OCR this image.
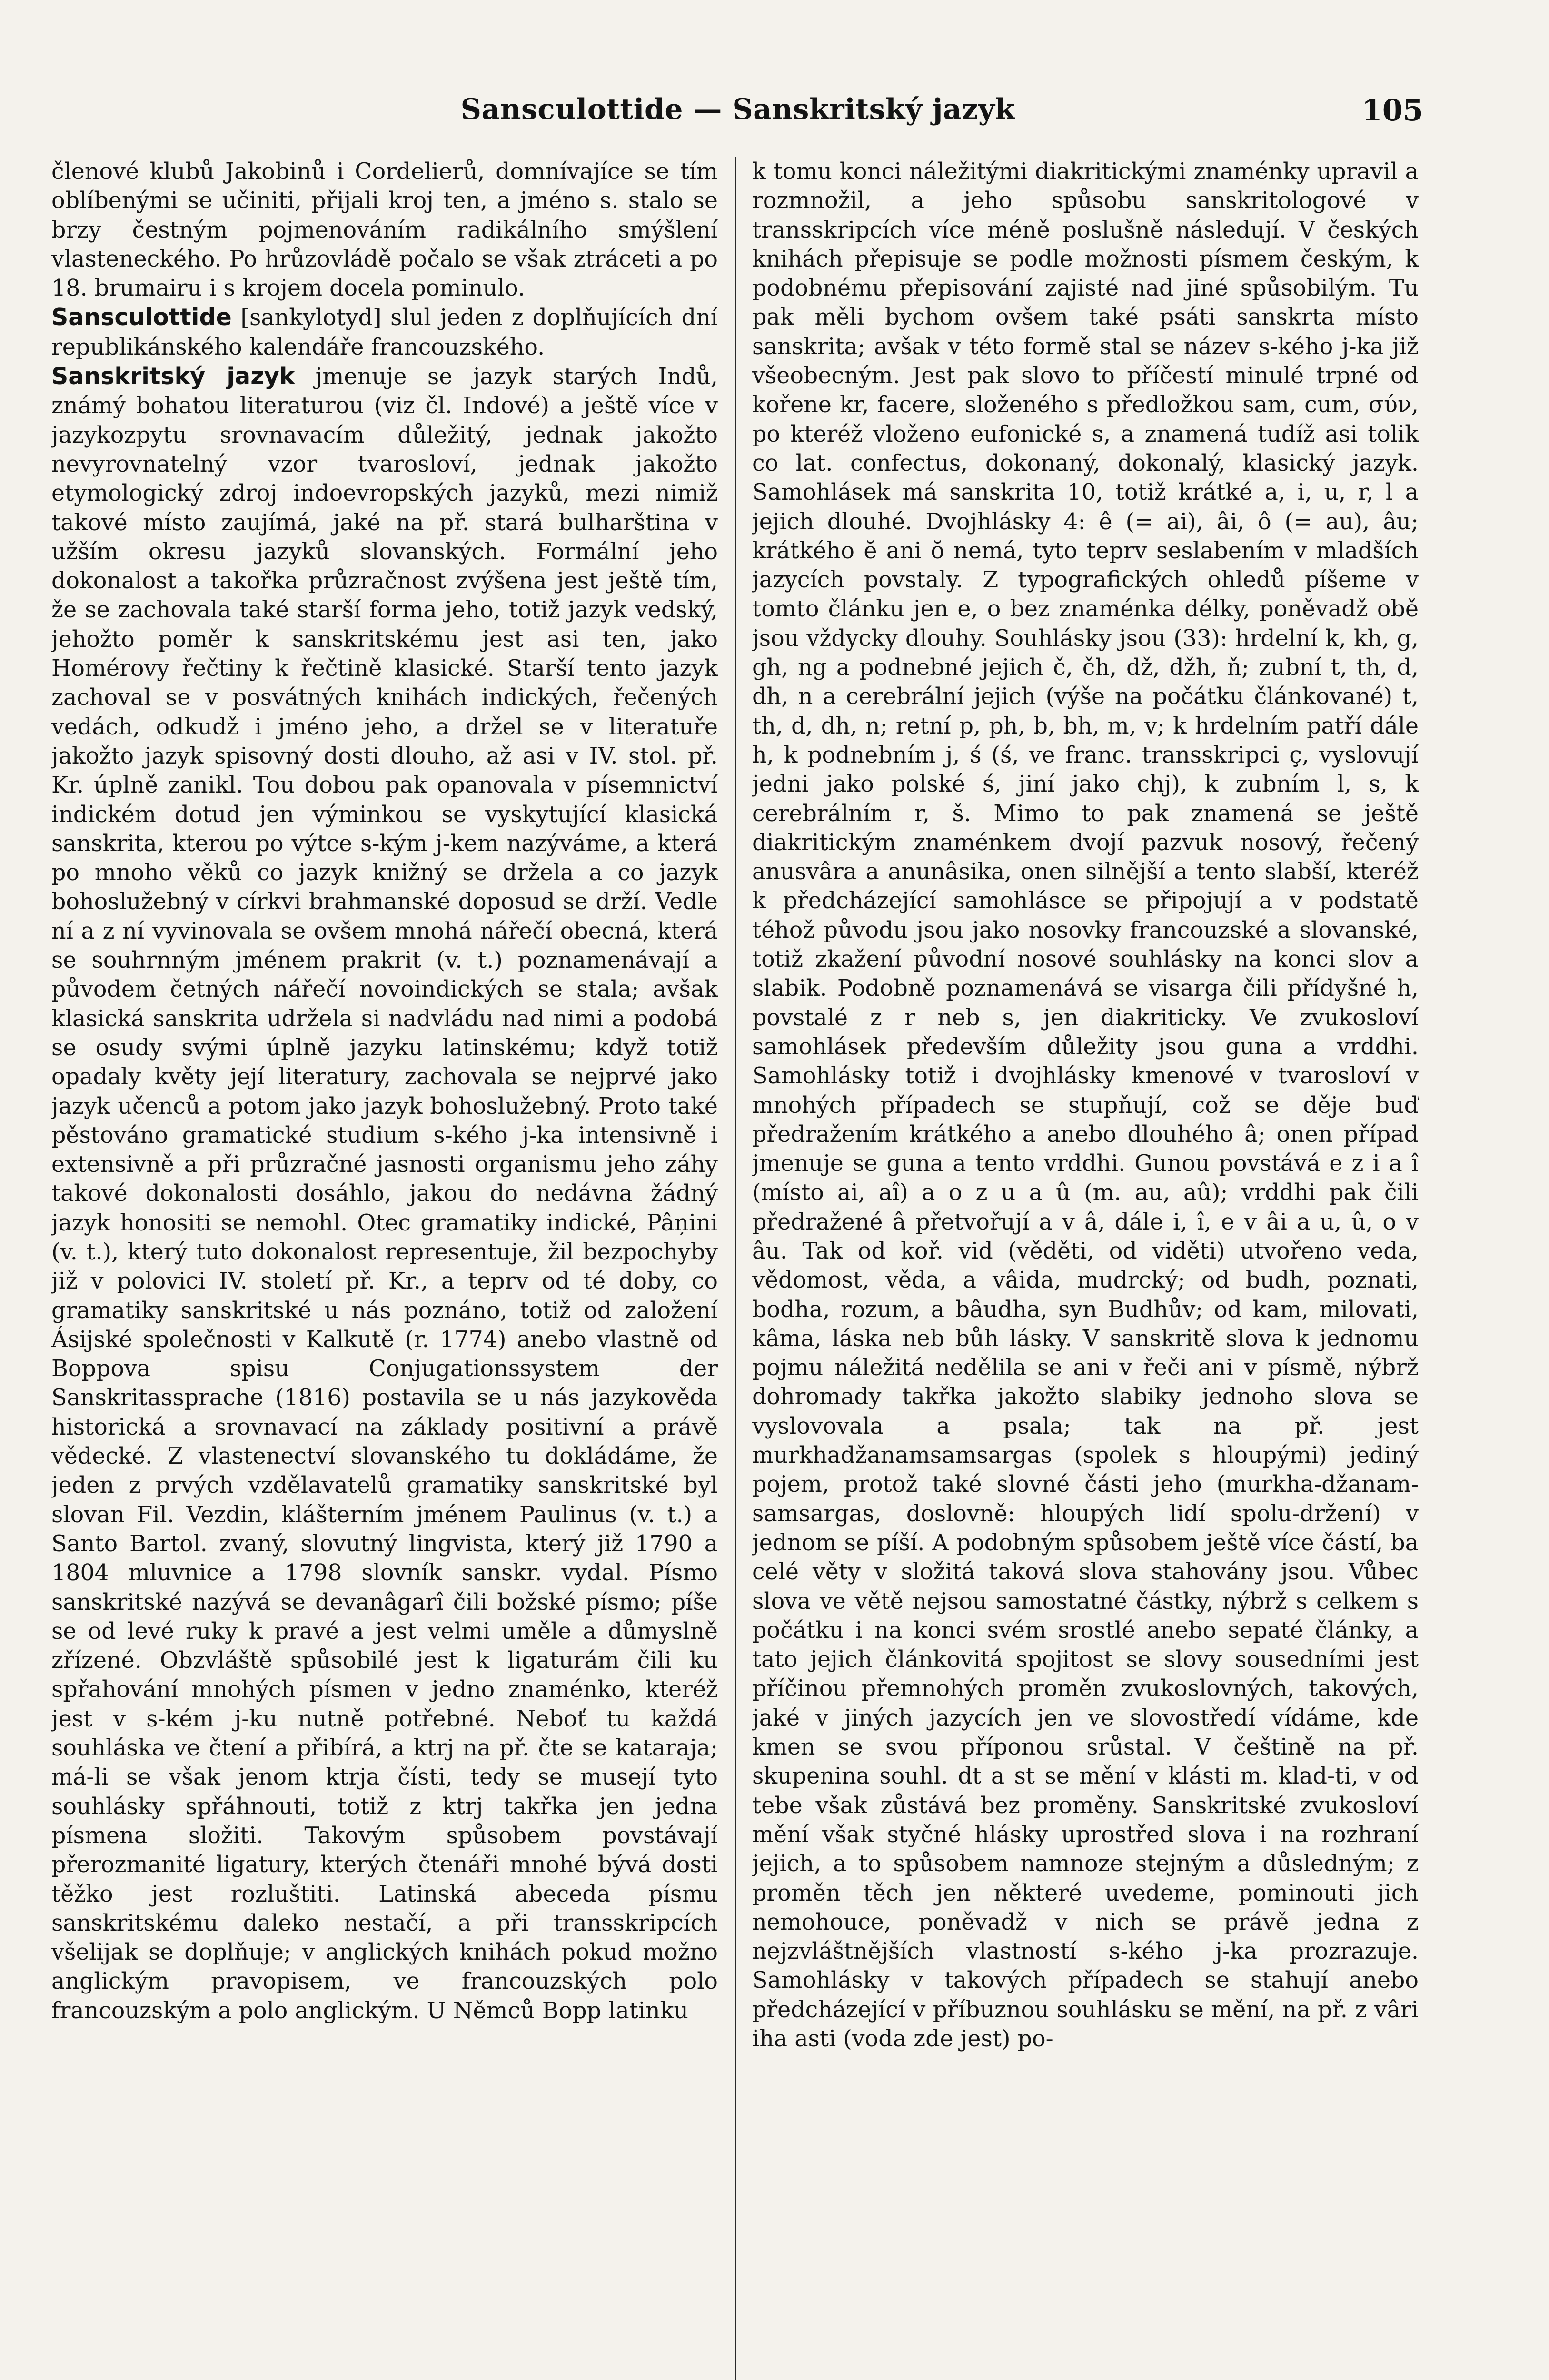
Sansculottide — Sanskritský jazyk	105

členové klubů Jakobinů i Cordelierů, domnívajíce se tím oblíbenými se učiniti, přijali kroj ten, a jméno s. stalo se brzy čestným pojmenováním radikálního smýšlení vlasteneckého. Po hrůzovládě počalo se však ztráceti a po 18. brumairu i s krojem docela pominulo.

Sansculottide [sankylotyd] slul jeden z doplňujících dní republikánského kalendáře francouzského.

Sanskritský jazyk jmenuje se jazyk starých Indů, známý bohatou literaturou (viz čl. Indové) a ještě více v jazykozpytu srovnavacím důležitý, jednak jakožto nevyrovnatelný vzor tvarosloví, jednak jakožto etymologický zdroj indoevropských jazyků, mezi nimiž takové místo zaujímá, jaké na př. stará bulharština v užším okresu jazyků slovanských. Formální jeho dokonalost a takořka průzračnost zvýšena jest ještě tím, že se zachovala také starší forma jeho, totiž jazyk vedský, jehožto poměr k sanskritskému jest asi ten, jako Homérovy řečtiny k řečtině klasické. Starší tento jazyk zachoval se v posvátných knihách indických, řečených vedách, odkudž i jméno jeho, a držel se v literatuře jakožto jazyk spisovný dosti dlouho, až asi v IV. stol. př. Kr. úplně zanikl. Tou dobou pak opanovala v písemnictví indickém dotud jen výminkou se vyskytující klasická sanskrita, kterou po výtce s-kým j-kem nazýváme, a která po mnoho věků co jazyk knižný se držela a co jazyk bohoslužebný v církvi brahmanské doposud se drží. Vedle ní a z ní vyvinovala se ovšem mnohá nářečí obecná, která se souhrnným jménem prakrit (v. t.) poznamenávají a původem četných nářečí novoindických se stala; avšak klasická sanskrita udržela si nadvládu nad nimi a podobá se osudy svými úplně jazyku latinskému; když totiž opadaly květy její literatury, zachovala se nejprvé jako jazyk učenců a potom jako jazyk bohoslužebný. Proto také pěstováno gramatické studium s-kého j-ka intensivně i extensivně a při průzračné jasnosti organismu jeho záhy takové dokonalosti dosáhlo, jakou do nedávna žádný jazyk honositi se nemohl. Otec gramatiky indické, Pâņini (v. t.), který tuto dokonalost representuje, žil bezpochyby již v polovici IV. století př. Kr., a teprv od té doby, co gramatiky sanskritské u nás poznáno, totiž od založení Ásijské společnosti v Kalkutě (r. 1774) anebo vlastně od Boppova spisu Conjugationssystem der Sanskritassprache (1816) postavila se u nás jazykověda historická a srovnavací na základy positivní a právě vědecké. Z vlastenectví slovanského tu dokládáme, že jeden z prvých vzdělavatelů gramatiky sanskritské byl slovan Fil. Vezdin, klášterním jménem Paulinus (v. t.) a Santo Bartol. zvaný, slovutný lingvista, který již 1790 a 1804 mluvnice a 1798 slovník sanskr. vydal. Písmo sanskritské nazývá se devanâgarî čili božské písmo; píše se od levé ruky k pravé a jest velmi uměle a důmyslně zřízené. Obzvláště spůsobilé jest k ligaturám čili ku spřahování mnohých písmen v jedno znaménko, kteréž jest v s-kém j-ku nutně potřebné. Neboť tu každá souhláska ve čtení a přibírá, a ktrj na př. čte se kataraja; má-li se však jenom ktrja čísti, tedy se musejí tyto souhlásky spřáhnouti, totiž z ktrj takřka jen jedna písmena složiti. Takovým spůsobem povstávají přerozmanité ligatury, kterých čtenáři mnohé bývá dosti těžko jest rozluštiti. Latinská abeceda písmu sanskritskému daleko nestačí, a při transskripcích všelijak se doplňuje; v anglických knihách pokud možno anglickým pravopisem, ve francouzských polo francouzským a polo anglickým. U Němců Bopp latinku

k tomu konci náležitými diakritickými znaménky upravil a rozmnožil, a jeho spůsobu sanskritologové v transskripcích více méně poslušně následují. V českých knihách přepisuje se podle možnosti písmem českým, k podobnému přepisování zajisté nad jiné spůsobilým. Tu pak měli bychom ovšem také psáti sanskrta místo sanskrita; avšak v této formě stal se název s-kého j-ka již všeobecným. Jest pak slovo to příčestí minulé trpné od kořene kr, facere, složeného s předložkou sam, cum, σύν, po kteréž vloženo eufonické s, a znamená tudíž asi tolik co lat. confectus, dokonaný, dokonalý, klasický jazyk. Samohlásek má sanskrita 10, totiž krátké a, i, u, r, l a jejich dlouhé. Dvojhlásky 4: ê (= ai), âi, ô (= au), âu; krátkého ĕ ani ŏ nemá, tyto teprv seslabením v mladších jazycích povstaly. Z typografických ohledů píšeme v tomto článku jen e, o bez znaménka délky, poněvadž obě jsou vždycky dlouhy. Souhlásky jsou (33): hrdelní k, kh, g, gh, ng a podnebné jejich č, čh, dž, džh, ň; zubní t, th, d, dh, n a cerebrální jejich (výše na počátku článkované) t, th, d, dh, n; retní p, ph, b, bh, m, v; k hrdelním patří dále h, k podnebním j, ś (ś, ve franc. transskripci ç, vyslovují jedni jako polské ś, jiní jako chj), k zubním l, s, k cerebrálním r, š. Mimo to pak znamená se ještě diakritickým znaménkem dvojí pazvuk nosový, řečený anusvâra a anunâsika, onen silnější a tento slabší, kteréž k předcházející samohlásce se připojují a v podstatě téhož původu jsou jako nosovky francouzské a slovanské, totiž zkažení původní nosové souhlásky na konci slov a slabik. Podobně poznamenává se visarga čili přídyšné h, povstalé z r neb s, jen diakriticky. Ve zvukosloví samohlásek především důležity jsou guna a vrddhi. Samohlásky totiž i dvojhlásky kmenové v tvarosloví v mnohých případech se stupňují, což se děje buď předražením krátkého a anebo dlouhého â; onen případ jmenuje se guna a tento vrddhi. Gunou povstává e z i a î (místo ai, aî) a o z u a û (m. au, aû); vrddhi pak čili předražené â přetvořují a v â, dále i, î, e v âi a u, û, o v âu. Tak od koř. vid (věděti, od viděti) utvořeno veda, vědomost, věda, a vâida, mudrcký; od budh, poznati, bodha, rozum, a bâudha, syn Budhův; od kam, milovati, kâma, láska neb bůh lásky. V sanskritě slova k jednomu pojmu náležitá nedělila se ani v řeči ani v písmě, nýbrž dohromady takřka jakožto slabiky jednoho slova se vyslovovala a psala; tak na př. jest murkhadžanamsamsargas (spolek s hloupými) jediný pojem, protož také slovné části jeho (murkha-džanam-samsargas, doslovně: hloupých lidí spolu-držení) v jednom se píší. A podobným spůsobem ještě více částí, ba celé věty v složitá taková slova stahovány jsou. Vůbec slova ve větě nejsou samostatné částky, nýbrž s celkem s počátku i na konci svém srostlé anebo sepaté články, a tato jejich článkovitá spojitost se slovy sousedními jest příčinou přemnohých proměn zvukoslovných, takových, jaké v jiných jazycích jen ve slovostředí vídáme, kde kmen se svou příponou srůstal. V češtině na př. skupenina souhl. dt a st se mění v klásti m. klad-ti, v od tebe však zůstává bez proměny. Sanskritské zvukosloví mění však styčné hlásky uprostřed slova i na rozhraní jejich, a to spůsobem namnoze stejným a důsledným; z proměn těch jen některé uvedeme, pominouti jich nemohouce, poněvadž v nich se právě jedna z nejzvláštnějších vlastností s-kého j-ka prozrazuje. Samohlásky v takových případech se stahují anebo předcházející v příbuznou souhlásku se mění, na př. z vâri iha asti (voda zde jest) po-
